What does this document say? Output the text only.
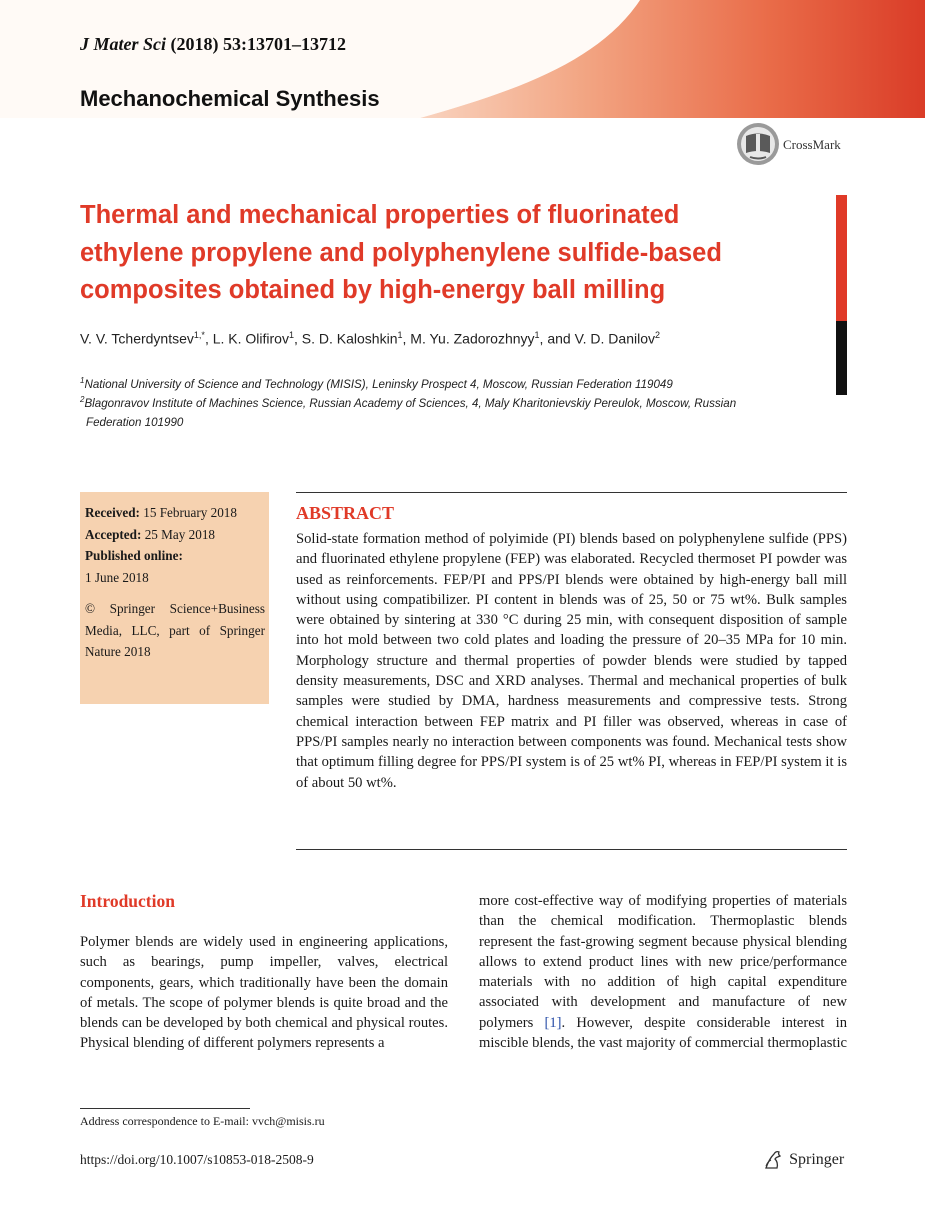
J Mater Sci (2018) 53:13701–13712
Mechanochemical Synthesis
CrossMark
Thermal and mechanical properties of fluorinated
ethylene propylene and polyphenylene sulfide-based
composites obtained by high-energy ball milling
V. V. Tcherdyntsev$^{1,*}$, L. K. Olifirov$^1$, S. D. Kaloshkin$^1$, M. Yu. Zadorozhnyy$^1$, and V. D. Danilov$^2$
$^1$National University of Science and Technology (MISIS), Leninsky Prospect 4, Moscow, Russian Federation 119049
$^2$Blagonravov Institute of Machines Science, Russian Academy of Sciences, 4, Maly Kharitonievskiy Pereulok, Moscow, Russian
Federation 101990
Received: 15 February 2018
Accepted: 25 May 2018
Published online:
1 June 2018
© Springer Science+Business Media, LLC, part of Springer Nature 2018
ABSTRACT
Solid-state formation method of polyimide (PI) blends based on polyphenylene sulfide (PPS) and fluorinated ethylene propylene (FEP) was elaborated. Recycled thermoset PI powder was used as reinforcements. FEP/PI and PPS/PI blends were obtained by high-energy ball mill without using compatibilizer. PI content in blends was of 25, 50 or 75 wt%. Bulk samples were obtained by sintering at 330 °C during 25 min, with consequent disposition of sample into hot mold between two cold plates and loading the pressure of 20–35 MPa for 10 min. Morphology structure and thermal properties of powder blends were studied by tapped density measurements, DSC and XRD analyses. Thermal and mechanical properties of bulk samples were studied by DMA, hardness measurements and compressive tests. Strong chemical interaction between FEP matrix and PI filler was observed, whereas in case of PPS/PI samples nearly no interaction between components was found. Mechanical tests show that optimum filling degree for PPS/PI system is of 25 wt% PI, whereas in FEP/PI system it is of about 50 wt%.
Introduction
Polymer blends are widely used in engineering applications, such as bearings, pump impeller, valves, electrical components, gears, which traditionally have been the domain of metals. The scope of polymer blends is quite broad and the blends can be developed by both chemical and physical routes. Physical blending of different polymers represents a
more cost-effective way of modifying properties of materials than the chemical modification. Thermoplastic blends represent the fast-growing segment because physical blending allows to extend product lines with new price/performance materials with no addition of high capital expenditure associated with development and manufacture of new polymers [1]. However, despite considerable interest in miscible blends, the vast majority of commercial thermoplastic
Address correspondence to E-mail: vvch@misis.ru
https://doi.org/10.1007/s10853-018-2508-9	Springer
